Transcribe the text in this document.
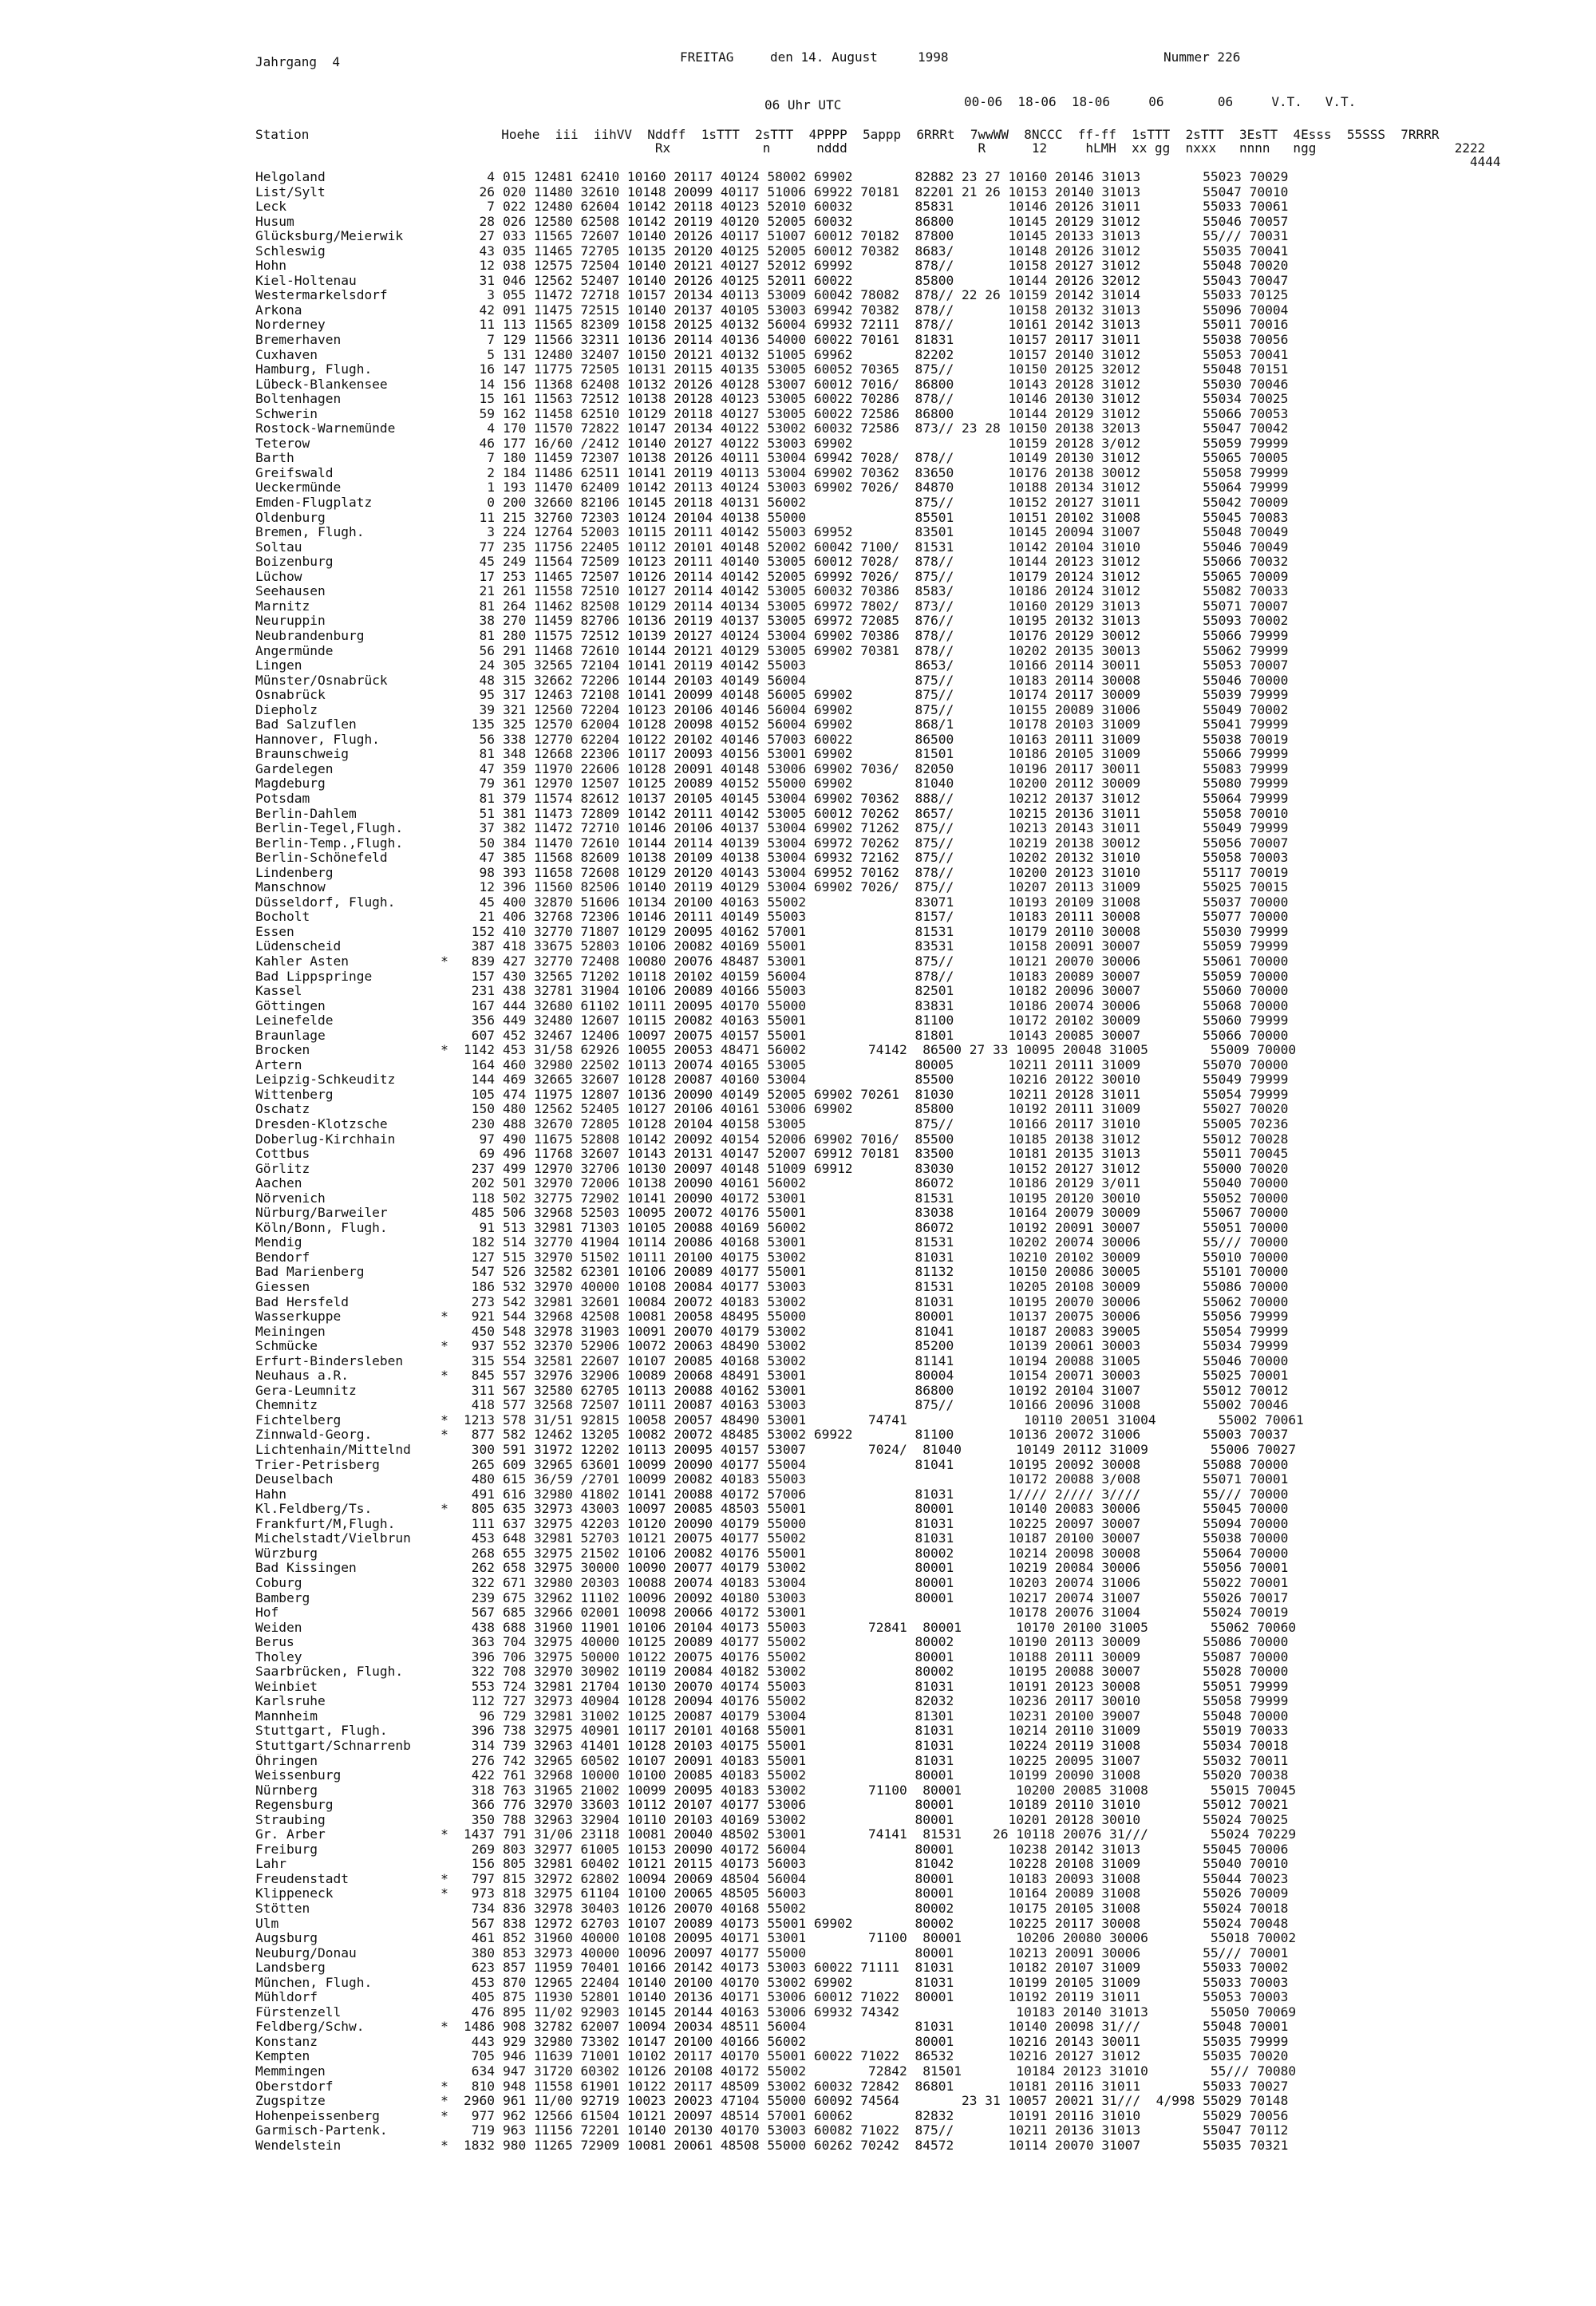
Jahrgang  4	FREITAG	den 14. August	1998	Nummer 226
06 Uhr UTC	00-06  18-06  18-06     06       06     V.T.   V.T.
Station                         Hoehe  iii  iihVV  Nddff  1sTTT  2sTTT  4PPPP  5appp  6RRRt  7wwWW  8NCCC  ff-ff  1sTTT  2sTTT  3EsTT  4Esss  55SSS  7RRRR
Rx            n      nddd                 R      12     hLMH  xx gg  nxxx   nnnn   ngg                  2222
4444
Helgoland	4 015 12481 62410 10160 20117 40124 58002 69902        82882 23 27 10160 20146 31013        55023 70029
List/Sylt	26 020 11480 32610 10148 20099 40117 51006 69922 70181  82201 21 26 10153 20140 31013        55047 70010
Leck	7 022 12480 62604 10142 20118 40123 52010 60032        85831       10146 20126 31011        55033 70061
Husum	28 026 12580 62508 10142 20119 40120 52005 60032        86800       10145 20129 31012        55046 70057
Glücksburg/Meierwik	27 033 11565 72607 10140 20126 40117 51007 60012 70182  87800       10145 20133 31013        55/// 70031
Schleswig	43 035 11465 72705 10135 20120 40125 52005 60012 70382  8683/       10148 20126 31012        55035 70041
Hohn	12 038 12575 72504 10140 20121 40127 52012 69992        878//       10158 20127 31012        55048 70020
Kiel-Holtenau	31 046 12562 52407 10140 20126 40125 52011 60022        85800       10144 20126 32012        55043 70047
Westermarkelsdorf	3 055 11472 72718 10157 20134 40113 53009 60042 78082  878// 22 26 10159 20142 31014        55033 70125
Arkona	42 091 11475 72515 10140 20137 40105 53003 69942 70382  878//       10158 20132 31013        55096 70004
Norderney	11 113 11565 82309 10158 20125 40132 56004 69932 72111  878//       10161 20142 31013        55011 70016
Bremerhaven	7 129 11566 32311 10136 20114 40136 54000 60022 70161  81831       10157 20117 31011        55038 70056
Cuxhaven	5 131 12480 32407 10150 20121 40132 51005 69962        82202       10157 20140 31012        55053 70041
Hamburg, Flugh.	16 147 11775 72505 10131 20115 40135 53005 60052 70365  875//       10150 20125 32012        55048 70151
Lübeck-Blankensee	14 156 11368 62408 10132 20126 40128 53007 60012 7016/  86800       10143 20128 31012        55030 70046
Boltenhagen	15 161 11563 72512 10138 20128 40123 53005 60022 70286  878//       10146 20130 31012        55034 70025
Schwerin	59 162 11458 62510 10129 20118 40127 53005 60022 72586  86800       10144 20129 31012        55066 70053
Rostock-Warnemünde	4 170 11570 72822 10147 20134 40122 53002 60032 72586  873// 23 28 10150 20138 32013        55047 70042
Teterow	46 177 16/60 /2412 10140 20127 40122 53003 69902                    10159 20128 3/012        55059 79999
Barth	7 180 11459 72307 10138 20126 40111 53004 69942 7028/  878//       10149 20130 31012        55065 70005
Greifswald	2 184 11486 62511 10141 20119 40113 53004 69902 70362  83650       10176 20138 30012        55058 79999
Ueckermünde	1 193 11470 62409 10142 20113 40124 53003 69902 7026/  84870       10188 20134 31012        55064 79999
Emden-Flugplatz	0 200 32660 82106 10145 20118 40131 56002              875//       10152 20127 31011        55042 70009
Oldenburg	11 215 32760 72303 10124 20104 40138 55000              85501       10151 20102 31008        55045 70083
Bremen, Flugh.	3 224 12764 52003 10115 20111 40142 55003 69952        83501       10145 20094 31007        55048 70049
Soltau	77 235 11756 22405 10112 20101 40148 52002 60042 7100/  81531       10142 20104 31010        55046 70049
Boizenburg	45 249 11564 72509 10123 20111 40140 53005 60012 7028/  878//       10144 20123 31012        55066 70032
Lüchow	17 253 11465 72507 10126 20114 40142 52005 69992 7026/  875//       10179 20124 31012        55065 70009
Seehausen	21 261 11558 72510 10127 20114 40142 53005 60032 70386  8583/       10186 20124 31012        55082 70033
Marnitz	81 264 11462 82508 10129 20114 40134 53005 69972 7802/  873//       10160 20129 31013        55071 70007
Neuruppin	38 270 11459 82706 10136 20119 40137 53005 69972 72085  876//       10195 20132 31013        55093 70002
Neubrandenburg	81 280 11575 72512 10139 20127 40124 53004 69902 70386  878//       10176 20129 30012        55066 79999
Angermünde	56 291 11468 72610 10144 20121 40129 53005 69902 70381  878//       10202 20135 30013        55062 79999
Lingen	24 305 32565 72104 10141 20119 40142 55003              8653/       10166 20114 30011        55053 70007
Münster/Osnabrück	48 315 32662 72206 10144 20103 40149 56004              875//       10183 20114 30008        55046 70000
Osnabrück	95 317 12463 72108 10141 20099 40148 56005 69902        875//       10174 20117 30009        55039 79999
Diepholz	39 321 12560 72204 10123 20106 40146 56004 69902        875//       10155 20089 31006        55049 70002
Bad Salzuflen	135 325 12570 62004 10128 20098 40152 56004 69902        868/1       10178 20103 31009        55041 79999
Hannover, Flugh.	56 338 12770 62204 10122 20102 40146 57003 60022        86500       10163 20111 31009        55038 70019
Braunschweig	81 348 12668 22306 10117 20093 40156 53001 69902        81501       10186 20105 31009        55066 79999
Gardelegen	47 359 11970 22606 10128 20091 40148 53006 69902 7036/  82050       10196 20117 30011        55083 79999
Magdeburg	79 361 12970 12507 10125 20089 40152 55000 69902        81040       10200 20112 30009        55080 79999
Potsdam	81 379 11574 82612 10137 20105 40145 53004 69902 70362  888//       10212 20137 31012        55064 79999
Berlin-Dahlem	51 381 11473 72809 10142 20111 40142 53005 60012 70262  8657/       10215 20136 31011        55058 70010
Berlin-Tegel,Flugh.	37 382 11472 72710 10146 20106 40137 53004 69902 71262  875//       10213 20143 31011        55049 79999
Berlin-Temp.,Flugh.	50 384 11470 72610 10144 20114 40139 53004 69972 70262  875//       10219 20138 30012        55056 70007
Berlin-Schönefeld	47 385 11568 82609 10138 20109 40138 53004 69932 72162  875//       10202 20132 31010        55058 70003
Lindenberg	98 393 11658 72608 10129 20120 40143 53004 69952 70162  878//       10200 20123 31010        55117 70019
Manschnow	12 396 11560 82506 10140 20119 40129 53004 69902 7026/  875//       10207 20113 31009        55025 70015
Düsseldorf, Flugh.	45 400 32870 51606 10134 20100 40163 55002              83071       10193 20109 31008        55037 70000
Bocholt	21 406 32768 72306 10146 20111 40149 55003              8157/       10183 20111 30008        55077 70000
Essen	152 410 32770 71807 10129 20095 40162 57001              81531       10179 20110 30008        55030 79999
Lüdenscheid	387 418 33675 52803 10106 20082 40169 55001              83531       10158 20091 30007        55059 79999
Kahler Asten	*	839 427 32770 72408 10080 20076 48487 53001              875//       10121 20070 30006        55061 70000
Bad Lippspringe	157 430 32565 71202 10118 20102 40159 56004              878//       10183 20089 30007        55059 70000
Kassel	231 438 32781 31904 10106 20089 40166 55003              82501       10182 20096 30007        55060 70000
Göttingen	167 444 32680 61102 10111 20095 40170 55000              83831       10186 20074 30006        55068 70000
Leinefelde	356 449 32480 12607 10115 20082 40163 55001              81100       10172 20102 30009        55060 79999
Braunlage	607 452 32467 12406 10097 20075 40157 55001              81801       10143 20085 30007        55066 70000
Brocken	*	1142 453 31/58 62926 10055 20053 48471 56002        74142  86500 27 33 10095 20048 31005        55009 70000
Artern	164 460 32980 22502 10113 20074 40165 53005              80005       10211 20111 31009        55070 70000
Leipzig-Schkeuditz	144 469 32665 32607 10128 20087 40160 53004              85500       10216 20122 30010        55049 79999
Wittenberg	105 474 11975 12807 10136 20090 40149 52005 69902 70261  81030       10211 20128 31011        55054 79999
Oschatz	150 480 12562 52405 10127 20106 40161 53006 69902        85800       10192 20111 31009        55027 70020
Dresden-Klotzsche	230 488 32670 72805 10128 20104 40158 53005              875//       10166 20117 31010        55005 70236
Doberlug-Kirchhain	97 490 11675 52808 10142 20092 40154 52006 69902 7016/  85500       10185 20138 31012        55012 70028
Cottbus	69 496 11768 32607 10143 20131 40147 52007 69912 70181  83500       10181 20135 31013        55011 70045
Görlitz	237 499 12970 32706 10130 20097 40148 51009 69912        83030       10152 20127 31012        55000 70020
Aachen	202 501 32970 72006 10138 20090 40161 56002              86072       10186 20129 3/011        55040 70000
Nörvenich	118 502 32775 72902 10141 20090 40172 53001              81531       10195 20120 30010        55052 70000
Nürburg/Barweiler	485 506 32968 52503 10095 20072 40176 55001              83038       10164 20079 30009        55067 70000
Köln/Bonn, Flugh.	91 513 32981 71303 10105 20088 40169 56002              86072       10192 20091 30007        55051 70000
Mendig	182 514 32770 41904 10114 20086 40168 53001              81531       10202 20074 30006        55/// 70000
Bendorf	127 515 32970 51502 10111 20100 40175 53002              81031       10210 20102 30009        55010 70000
Bad Marienberg	547 526 32582 62301 10106 20089 40177 55001              81132       10150 20086 30005        55101 70000
Giessen	186 532 32970 40000 10108 20084 40177 53003              81531       10205 20108 30009        55086 70000
Bad Hersfeld	273 542 32981 32601 10084 20072 40183 53002              81031       10195 20070 30006        55062 70000
Wasserkuppe	*	921 544 32968 42508 10081 20058 48495 55000              80001       10137 20075 30006        55056 79999
Meiningen	450 548 32978 31903 10091 20070 40179 53002              81041       10187 20083 39005        55054 79999
Schmücke	*	937 552 32370 52906 10072 20063 48490 53002              85200       10139 20061 30003        55034 79999
Erfurt-Bindersleben	315 554 32581 22607 10107 20085 40168 53002              81141       10194 20088 31005        55046 70000
Neuhaus a.R.	*	845 557 32976 32906 10089 20068 48491 53001              80004       10154 20071 30003        55025 70001
Gera-Leumnitz	311 567 32580 62705 10113 20088 40162 53001              86800       10192 20104 31007        55012 70012
Chemnitz	418 577 32568 72507 10111 20087 40163 53003              875//       10166 20096 31008        55002 70046
Fichtelberg	*	1213 578 31/51 92815 10058 20057 48490 53001        74741               10110 20051 31004        55002 70061
Zinnwald-Georg.	*	877 582 12462 13205 10082 20072 48485 53002 69922        81100       10136 20072 31006        55003 70037
Lichtenhain/Mittelnd	300 591 31972 12202 10113 20095 40157 53007        7024/  81040       10149 20112 31009        55006 70027
Trier-Petrisberg	265 609 32965 63601 10099 20090 40177 55004              81041       10195 20092 30008        55088 70000
Deuselbach	480 615 36/59 /2701 10099 20082 40183 55003                          10172 20088 3/008        55071 70001
Hahn	491 616 32980 41802 10141 20088 40172 57006              81031       1//// 2//// 3////        55/// 70000
Kl.Feldberg/Ts.	*	805 635 32973 43003 10097 20085 48503 55001              80001       10140 20083 30006        55045 70000
Frankfurt/M,Flugh.	111 637 32975 42203 10120 20090 40179 55000              81031       10225 20097 30007        55094 70000
Michelstadt/Vielbrun	453 648 32981 52703 10121 20075 40177 55002              81031       10187 20100 30007        55038 70000
Würzburg	268 655 32975 21502 10106 20082 40176 55001              80002       10214 20098 30008        55064 70000
Bad Kissingen	262 658 32975 30000 10090 20077 40179 53002              80001       10219 20084 30006        55056 70001
Coburg	322 671 32980 20303 10088 20074 40183 53004              80001       10203 20074 31006        55022 70001
Bamberg	239 675 32962 11102 10096 20092 40180 53003              80001       10217 20074 31007        55026 70017
Hof	567 685 32966 02001 10098 20066 40172 53001                          10178 20076 31004        55024 70019
Weiden	438 688 31960 11901 10106 20104 40173 55003        72841  80001       10170 20100 31005        55062 70060
Berus	363 704 32975 40000 10125 20089 40177 55002              80002       10190 20113 30009        55086 70000
Tholey	396 706 32975 50000 10122 20075 40176 55002              80001       10188 20111 30009        55087 70000
Saarbrücken, Flugh.	322 708 32970 30902 10119 20084 40182 53002              80002       10195 20088 30007        55028 70000
Weinbiet	553 724 32981 21704 10130 20070 40174 55003              81031       10191 20123 30008        55051 79999
Karlsruhe	112 727 32973 40904 10128 20094 40176 55002              82032       10236 20117 30010        55058 79999
Mannheim	96 729 32981 31002 10125 20087 40179 53004              81301       10231 20100 39007        55048 70000
Stuttgart, Flugh.	396 738 32975 40901 10117 20101 40168 55001              81031       10214 20110 31009        55019 70033
Stuttgart/Schnarrenb	314 739 32963 41401 10128 20103 40175 55001              81031       10224 20119 31008        55034 70018
Öhringen	276 742 32965 60502 10107 20091 40183 55001              81031       10225 20095 31007        55032 70011
Weissenburg	422 761 32968 10000 10100 20085 40183 55002              80001       10199 20090 31008        55020 70038
Nürnberg	318 763 31965 21002 10099 20095 40183 53002        71100  80001       10200 20085 31008        55015 70045
Regensburg	366 776 32970 33603 10112 20107 40177 53006              80001       10189 20110 31010        55012 70021
Straubing	350 788 32963 32904 10110 20103 40169 53002              80001       10201 20128 30010        55024 70025
Gr. Arber	*	1437 791 31/06 23118 10081 20040 48502 53001        74141  81531    26 10118 20076 31///        55024 70229
Freiburg	269 803 32977 61005 10153 20090 40172 56004              80001       10238 20142 31013        55045 70006
Lahr	156 805 32981 60402 10121 20115 40173 56003              81042       10228 20108 31009        55040 70010
Freudenstadt	*	797 815 32972 62802 10094 20069 48504 56004              80001       10183 20093 31008        55044 70023
Klippeneck	*	973 818 32975 61104 10100 20065 48505 56003              80001       10164 20089 31008        55026 70009
Stötten	734 836 32978 30403 10126 20070 40168 55002              80002       10175 20105 31008        55024 70018
Ulm	567 838 12972 62703 10107 20089 40173 55001 69902        80002       10225 20117 30008        55024 70048
Augsburg	461 852 31960 40000 10108 20095 40171 53001        71100  80001       10206 20080 30006        55018 70002
Neuburg/Donau	380 853 32973 40000 10096 20097 40177 55000              80001       10213 20091 30006        55/// 70001
Landsberg	623 857 11959 70401 10166 20142 40173 53003 60022 71111  81031       10182 20107 31009        55033 70002
München, Flugh.	453 870 12965 22404 10140 20100 40170 53002 69902        81031       10199 20105 31009        55033 70003
Mühldorf	405 875 11930 52801 10140 20136 40171 53006 60012 71022  80001       10192 20119 31011        55053 70003
Fürstenzell	476 895 11/02 92903 10145 20144 40163 53006 69932 74342               10183 20140 31013        55050 70069
Feldberg/Schw.	*	1486 908 32782 62007 10094 20034 48511 56004              81031       10140 20098 31///        55048 70001
Konstanz	443 929 32980 73302 10147 20100 40166 56002              80001       10216 20143 30011        55035 79999
Kempten	705 946 11639 71001 10102 20117 40170 55001 60022 71022  86532       10216 20127 31012        55035 70020
Memmingen	634 947 31720 60302 10126 20108 40172 55002        72842  81501       10184 20123 31010        55/// 70080
Oberstdorf	*	810 948 11558 61901 10122 20117 48509 53002 60032 72842  86801       10181 20116 31011        55033 70027
Zugspitze	*	2960 961 11/00 92719 10023 20023 47104 55000 60092 74564        23 31 10057 20021 31///  4/998 55029 70148
Hohenpeissenberg	*	977 962 12566 61504 10121 20097 48514 57001 60062        82832       10191 20116 31010        55029 70056
Garmisch-Partenk.	719 963 11156 72201 10140 20130 40170 53003 60082 71022  875//       10211 20136 31013        55047 70112
Wendelstein	*	1832 980 11265 72909 10081 20061 48508 55000 60262 70242  84572       10114 20070 31007        55035 70321
